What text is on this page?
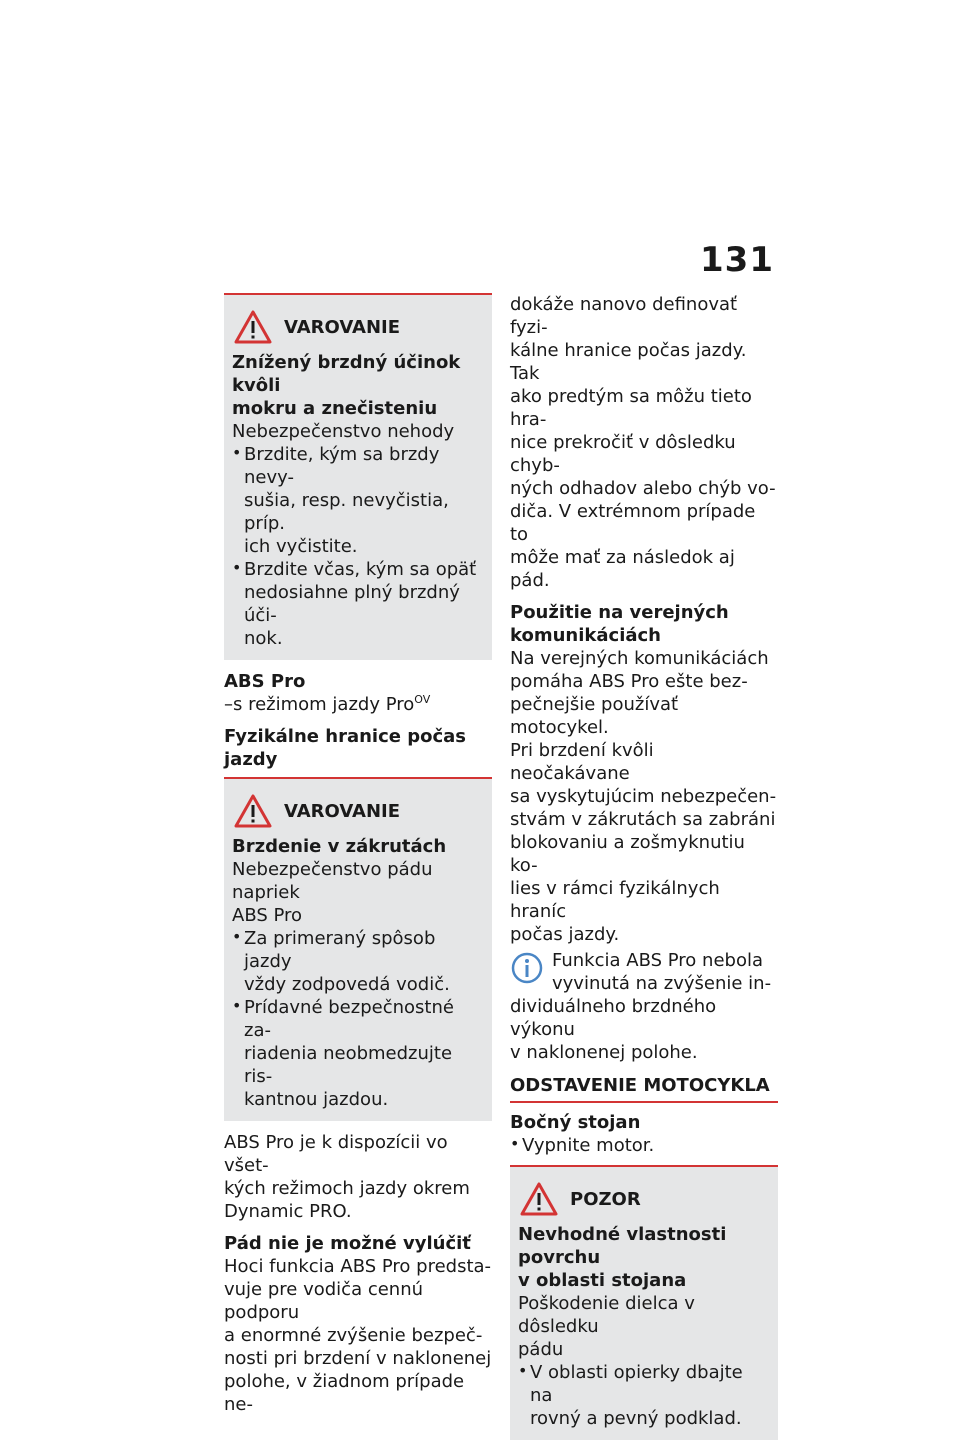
131
VAROVANIE

Znížený brzdný účinok kvôli

mokru a znečisteniu

Nebezpečenstvo nehody

• Brzdite, kým sa brzdy nevy-

sušia, resp. nevyčistia, príp.

ich vyčistite.

• Brzdite včas, kým sa opäť

nedosiahne plný brzdný úči-

nok.

ABS Pro

–s režimom jazdy Pro$^{OV}$

Fyzikálne hranice počas jazdy

VAROVANIE

Brzdenie v zákrutách

Nebezpečenstvo pádu napriek

ABS Pro

• Za primeraný spôsob jazdy

vždy zodpovedá vodič.

• Prídavné bezpečnostné za-

riadenia neobmedzujte ris-

kantnou jazdou.

ABS Pro je k dispozícii vo všet-

kých režimoch jazdy okrem

Dynamic PRO.

Pád nie je možné vylúčiť

Hoci funkcia ABS Pro predsta-

vuje pre vodiča cennú podporu

a enormné zvýšenie bezpeč-

nosti pri brzdení v naklonenej

polohe, v žiadnom prípade ne-

dokáže nanovo definovať fyzi-

kálne hranice počas jazdy. Tak

ako predtým sa môžu tieto hra-

nice prekročiť v dôsledku chyb-

ných odhadov alebo chýb vo-

diča. V extrémnom prípade to

môže mať za následok aj pád.

Použitie na verejných

komunikáciách

Na verejných komunikáciách

pomáha ABS Pro ešte bez-

pečnejšie používať motocykel.

Pri brzdení kvôli neočakávane

sa vyskytujúcim nebezpečen-

stvám v zákrutách sa zabráni

blokovaniu a zošmyknutiu ko-

lies v rámci fyzikálnych hraníc

počas jazdy.

Funkcia ABS Pro nebola

vyvinutá na zvýšenie in-

dividuálneho brzdného výkonu

v naklonenej polohe.

ODSTAVENIE MOTOCYKLA

Bočný stojan

• Vypnite motor.

POZOR

Nevhodné vlastnosti povrchu

v oblasti stojana

Poškodenie dielca v dôsledku

pádu

• V oblasti opierky dbajte na

rovný a pevný podklad.
